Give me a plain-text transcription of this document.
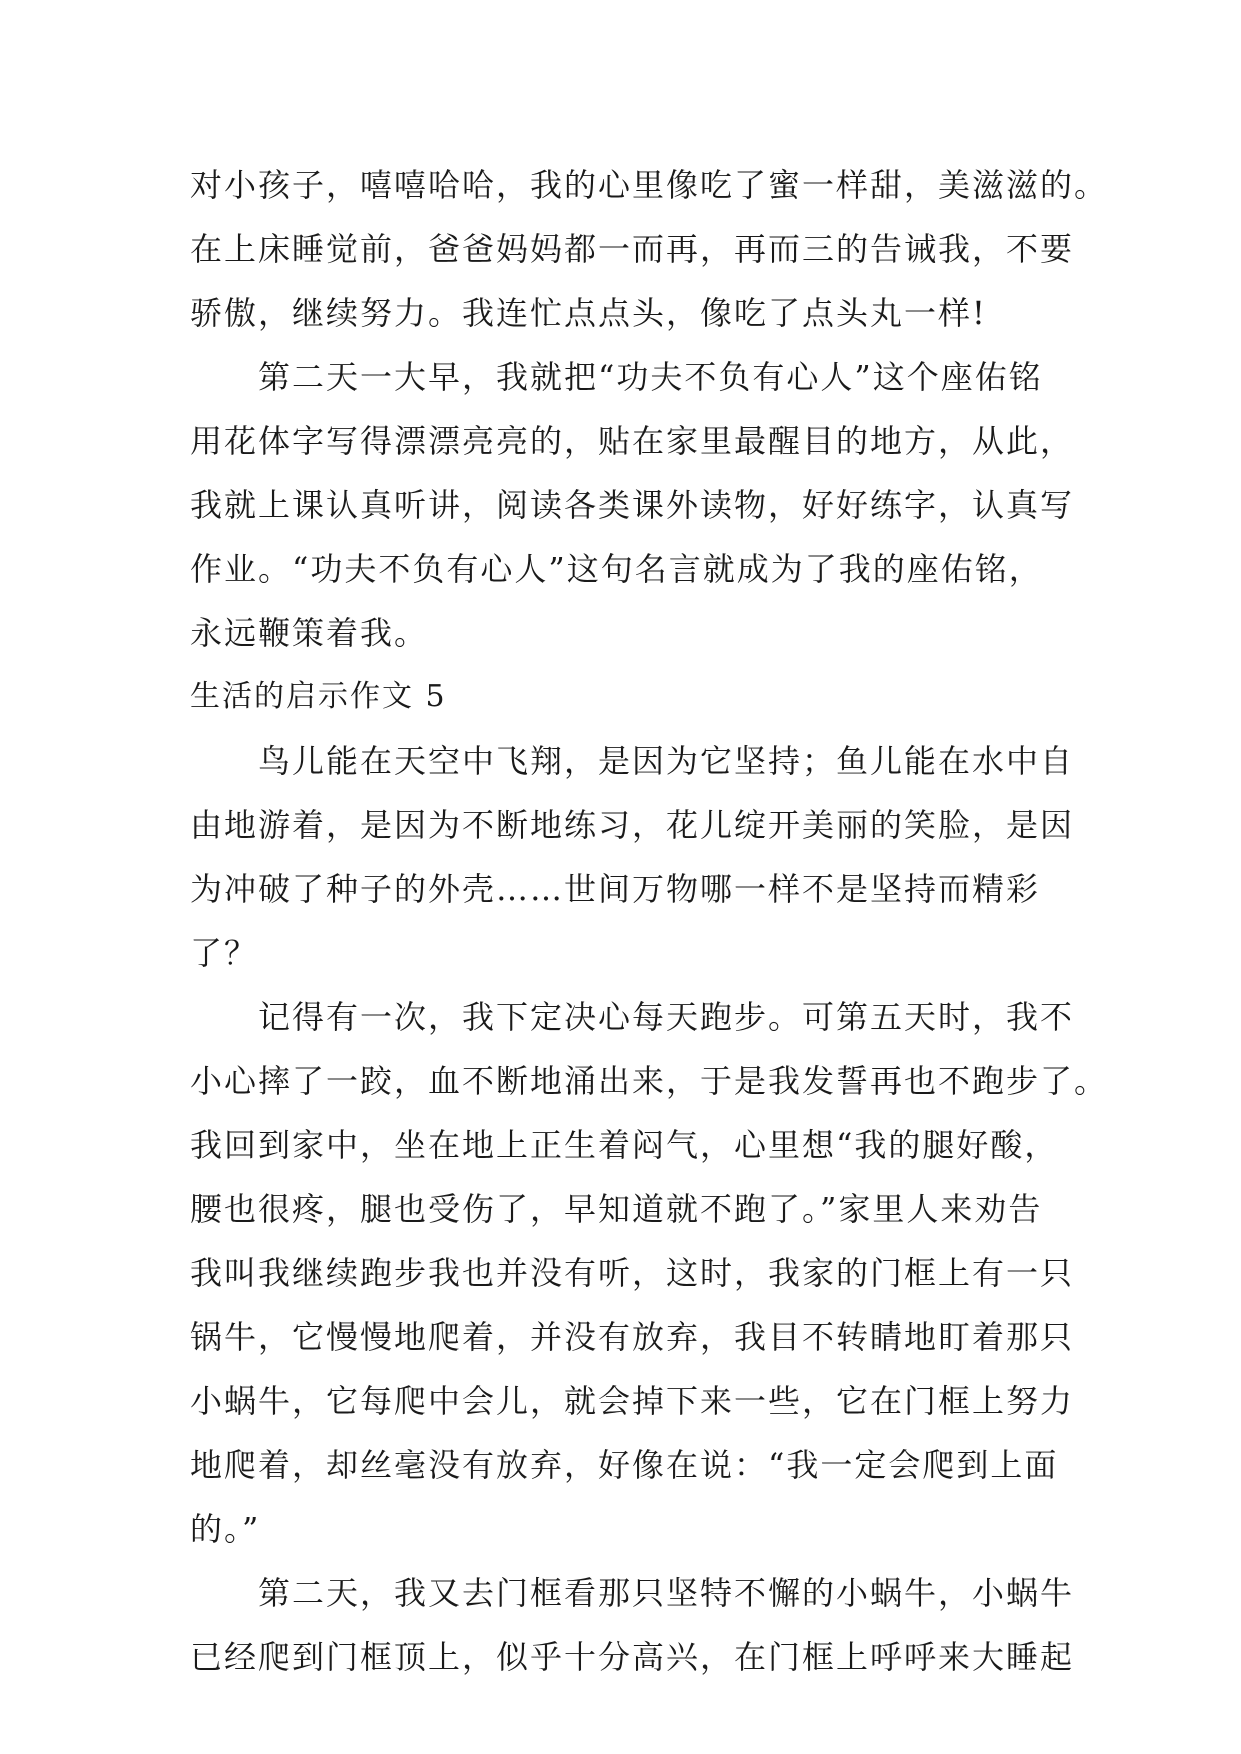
对小孩子，嘻嘻哈哈，我的心里像吃了蜜一样甜，美滋滋的。
在上床睡觉前，爸爸妈妈都一而再，再而三的告诫我，不要
骄傲，继续努力。我连忙点点头，像吃了点头丸一样!
第二天一大早，我就把“功夫不负有心人”这个座佑铭
用花体字写得漂漂亮亮的，贴在家里最醒目的地方，从此，
我就上课认真听讲，阅读各类课外读物，好好练字，认真写
作业。“功夫不负有心人”这句名言就成为了我的座佑铭，
永远鞭策着我。
生活的启示作文 5
鸟儿能在天空中飞翔，是因为它坚持；鱼儿能在水中自
由地游着，是因为不断地练习，花儿绽开美丽的笑脸，是因
为冲破了种子的外壳……世间万物哪一样不是坚持而精彩
了？
记得有一次，我下定决心每天跑步。可第五天时，我不
小心摔了一跤，血不断地涌出来，于是我发誓再也不跑步了。
我回到家中，坐在地上正生着闷气，心里想“我的腿好酸，
腰也很疼，腿也受伤了，早知道就不跑了。”家里人来劝告
我叫我继续跑步我也并没有听，这时，我家的门框上有一只
锅牛，它慢慢地爬着，并没有放弃，我目不转睛地盯着那只
小蜗牛，它每爬中会儿，就会掉下来一些，它在门框上努力
地爬着，却丝毫没有放弃，好像在说：“我一定会爬到上面
的。”
第二天，我又去门框看那只坚特不懈的小蜗牛，小蜗牛
已经爬到门框顶上，似乎十分高兴，在门框上呼呼来大睡起
